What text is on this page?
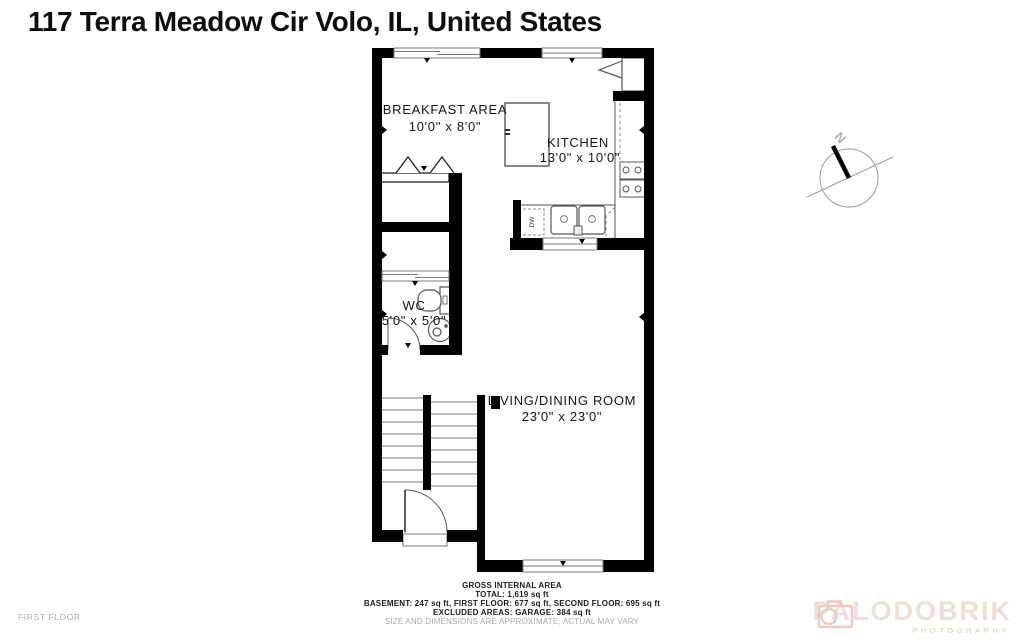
117 Terra Meadow Cir Volo, IL, United States
DW
BREAKFAST AREA
10'0" x 8'0"
KITCHEN
13'0" x 10'0"
WC
5'0" x 5'0"
LIVING/DINING ROOM
23'0" x 23'0"
N
GROSS INTERNAL AREA
TOTAL: 1,619 sq ft
BASEMENT: 247 sq ft, FIRST FLOOR: 677 sq ft, SECOND FLOOR: 695 sq ft
EXCLUDED AREAS: GARAGE: 384 sq ft
SIZE AND DIMENSIONS ARE APPROXIMATE, ACTUAL MAY VARY
FIRST FLOOR	PALO DOBRIK
PHOTOGRAPHY
